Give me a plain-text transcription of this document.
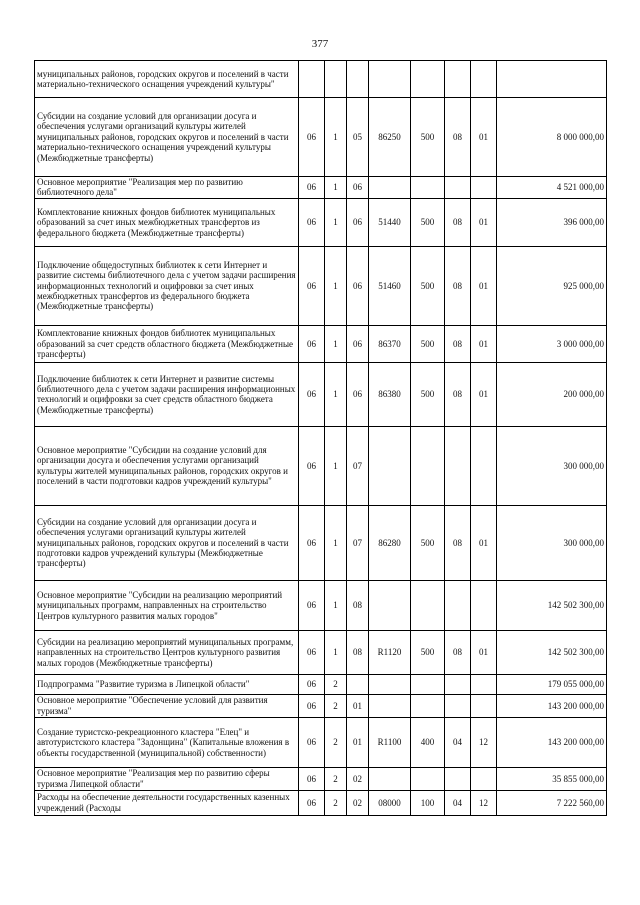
377
муниципальных районов, городских округов и поселений в части материально-технического оснащения учреждений культуры"								
Субсидии на создание условий для организации досуга и обеспечения услугами организаций культуры жителей муниципальных районов, городских округов и поселений в части материально-технического оснащения учреждений культуры (Межбюджетные трансферты)	06	1	05	86250	500	08	01	8 000 000,00
Основное мероприятие "Реализация мер по развитию библиотечного дела"	06	1	06					4 521 000,00
Комплектование книжных фондов библиотек муниципальных образований за счет иных межбюджетных трансфертов из федерального бюджета (Межбюджетные трансферты)	06	1	06	51440	500	08	01	396 000,00
Подключение общедоступных библиотек к сети Интернет и развитие системы библиотечного дела с учетом задачи расширения информационных технологий и оцифровки за счет иных межбюджетных трансфертов из федерального бюджета (Межбюджетные трансферты)	06	1	06	51460	500	08	01	925 000,00
Комплектование книжных фондов библиотек муниципальных образований за счет средств областного бюджета (Межбюджетные трансферты)	06	1	06	86370	500	08	01	3 000 000,00
Подключение библиотек к сети Интернет и развитие системы библиотечного дела с учетом задачи расширения информационных технологий и оцифровки за счет средств областного бюджета (Межбюджетные трансферты)	06	1	06	86380	500	08	01	200 000,00
Основное мероприятие "Субсидии на создание условий для организации досуга и обеспечения услугами организаций культуры жителей муниципальных районов, городских округов и поселений в части подготовки кадров учреждений культуры"	06	1	07					300 000,00
Субсидии на создание условий для организации досуга и обеспечения услугами организаций культуры жителей муниципальных районов, городских округов и поселений в части подготовки кадров учреждений культуры (Межбюджетные трансферты)	06	1	07	86280	500	08	01	300 000,00
Основное мероприятие "Субсидии на реализацию мероприятий муниципальных программ, направленных на строительство Центров культурного развития малых городов"	06	1	08					142 502 300,00
Субсидии на реализацию мероприятий муниципальных программ, направленных на строительство Центров культурного развития малых городов (Межбюджетные трансферты)	06	1	08	R1120	500	08	01	142 502 300,00
Подпрограмма "Развитие туризма в Липецкой области"	06	2						179 055 000,00
Основное мероприятие "Обеспечение условий для развития туризма"	06	2	01					143 200 000,00
Создание туристско-рекреационного кластера "Елец" и автотуристского кластера "Задонщина" (Капитальные вложения в объекты государственной (муниципальной) собственности)	06	2	01	R1100	400	04	12	143 200 000,00
Основное мероприятие "Реализация мер по развитию сферы туризма Липецкой области"	06	2	02					35 855 000,00
Расходы на обеспечение деятельности государственных казенных учреждений (Расходы	06	2	02	08000	100	04	12	7 222 560,00
